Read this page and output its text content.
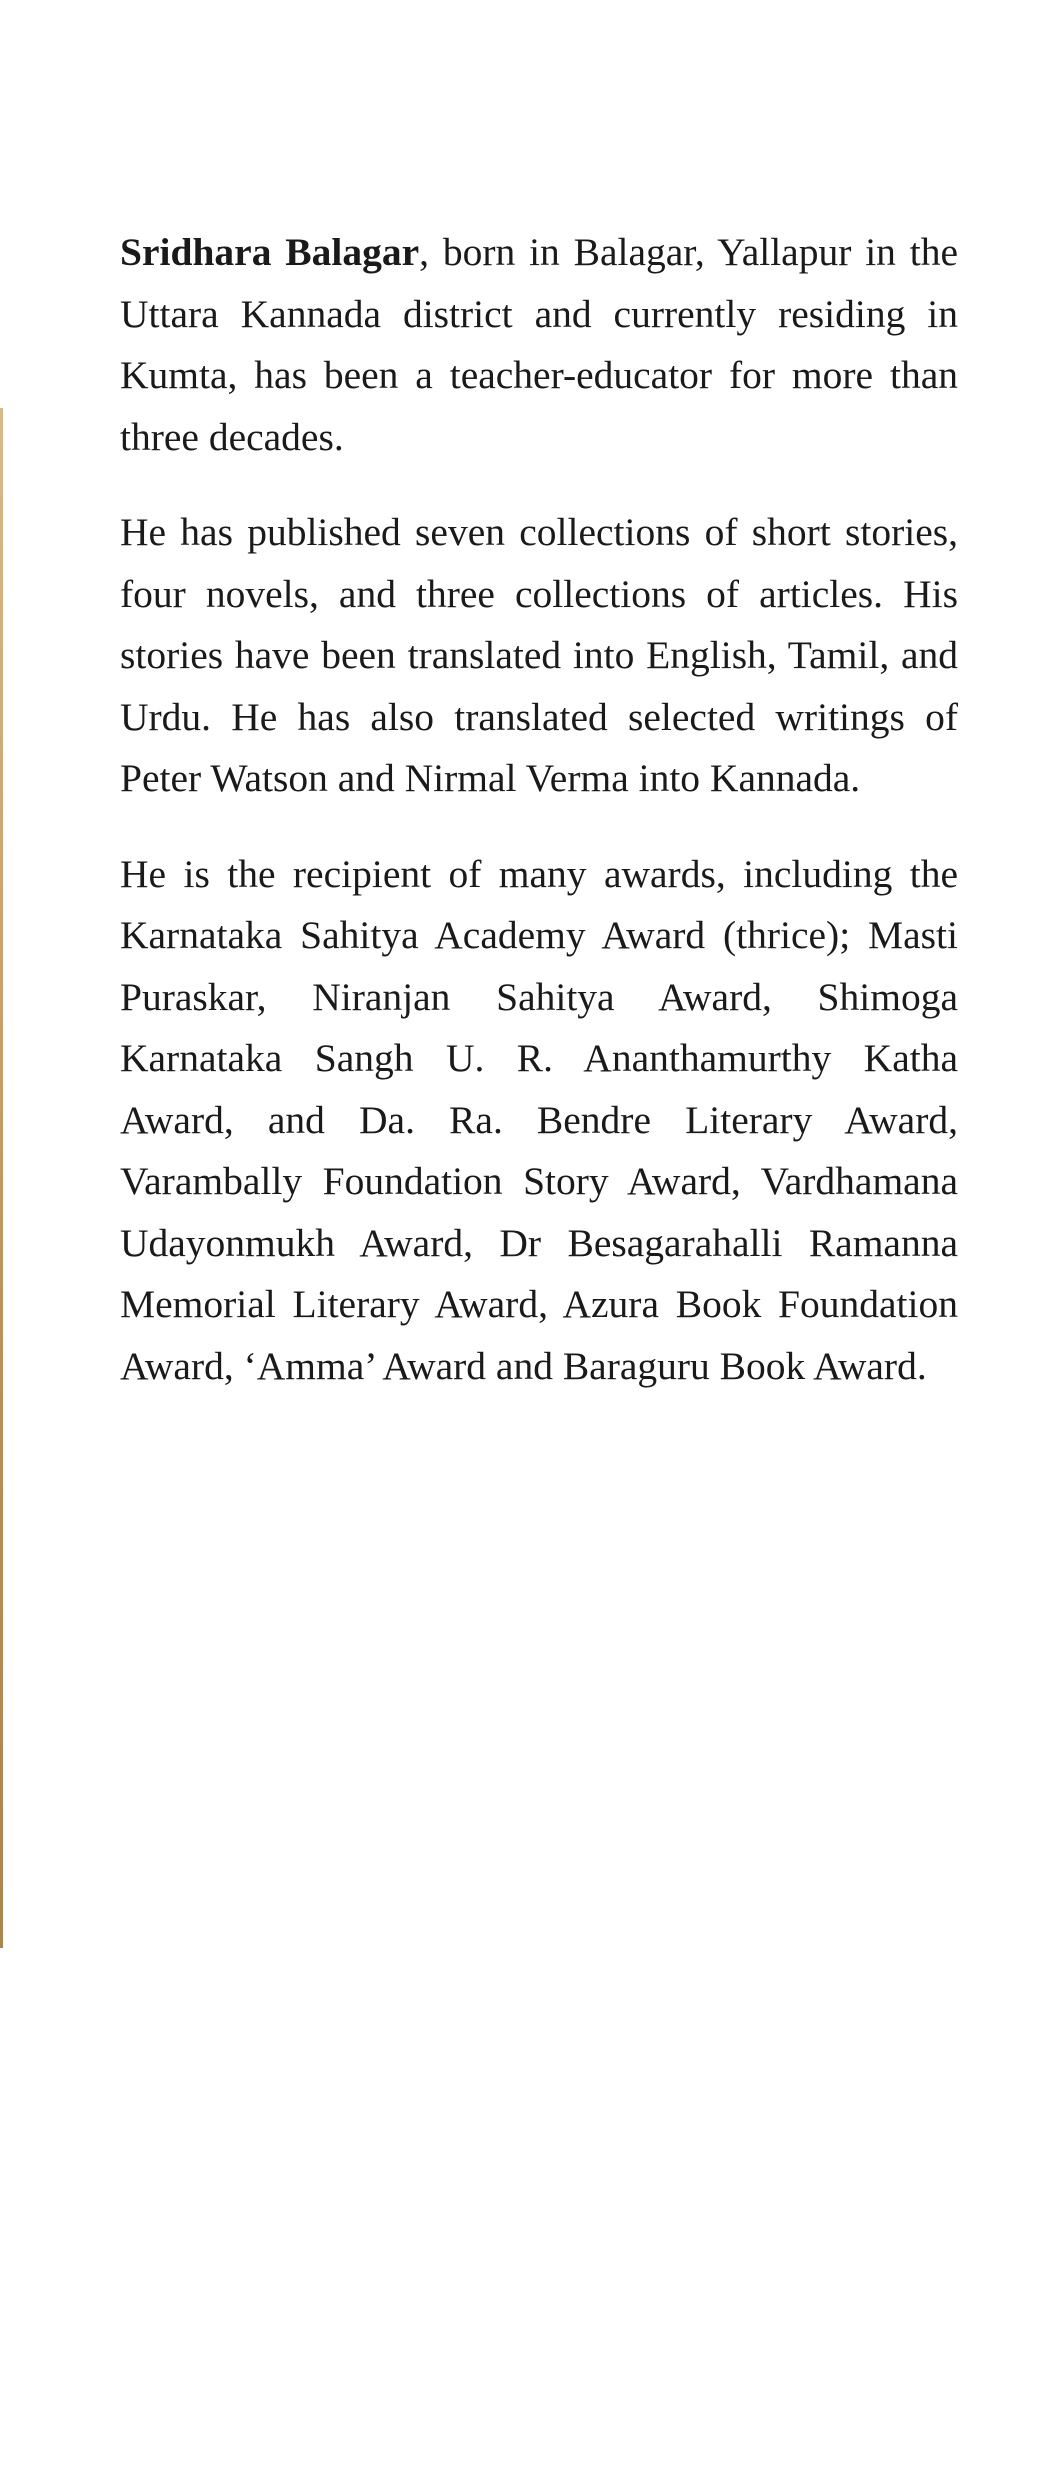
Sridhara Balagar, born in Balagar, Yallapur in the Uttara Kannada district and currently residing in Kumta, has been a teacher-educator for more than three decades.

He has published seven collections of short stories, four novels, and three collections of articles. His stories have been translated into English, Tamil, and Urdu. He has also translated selected writings of Peter Watson and Nirmal Verma into Kannada.

He is the recipient of many awards, including the Karnataka Sahitya Academy Award (thrice); Masti Puraskar, Niranjan Sahitya Award, Shimoga Karnataka Sangh U. R. Ananthamurthy Katha Award, and Da. Ra. Bendre Literary Award, Varambally Foundation Story Award, Vardhamana Udayonmukh Award, Dr Besagarahalli Ramanna Memorial Literary Award, Azura Book Foundation Award, ‘Amma’ Award and Baraguru Book Award.
